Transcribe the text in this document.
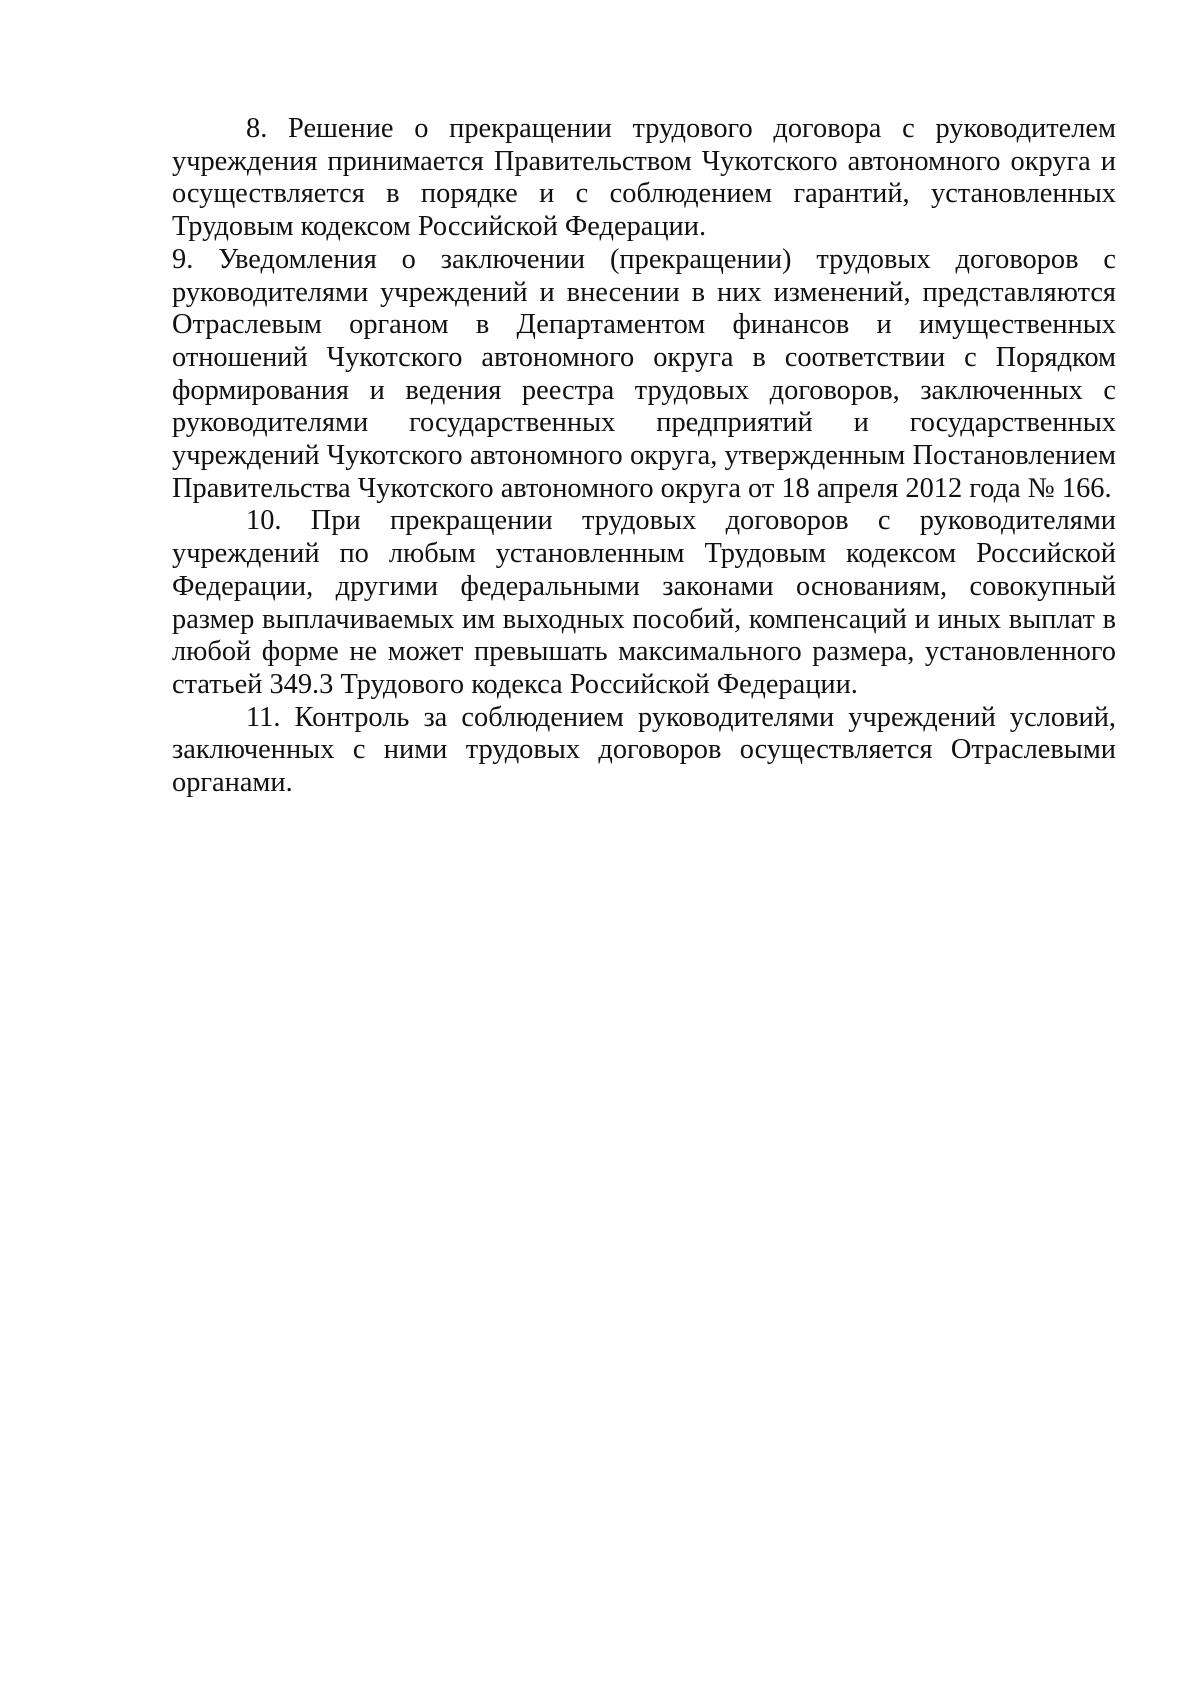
8. Решение о прекращении трудового договора с руководителем учреждения принимается Правительством Чукотского автономного округа и осуществляется в порядке и с соблюдением гарантий, установленных Трудовым кодексом Российской Федерации.

9. Уведомления о заключении (прекращении) трудовых договоров с руководителями учреждений и внесении в них изменений, представляются Отраслевым органом в Департаментом финансов и имущественных отношений Чукотского автономного округа в соответствии с Порядком формирования и ведения реестра трудовых договоров, заключенных с руководителями государственных предприятий и государственных учреждений Чукотского автономного округа, утвержденным Постановлением Правительства Чукотского автономного округа от 18 апреля 2012 года № 166.

10. При прекращении трудовых договоров с руководителями учреждений по любым установленным Трудовым кодексом Российской Федерации, другими федеральными законами основаниям, совокупный размер выплачиваемых им выходных пособий, компенсаций и иных выплат в любой форме не может превышать максимального размера, установленного статьей 349.3 Трудового кодекса Российской Федерации.

11. Контроль за соблюдением руководителями учреждений условий, заключенных с ними трудовых договоров осуществляется Отраслевыми органами.
